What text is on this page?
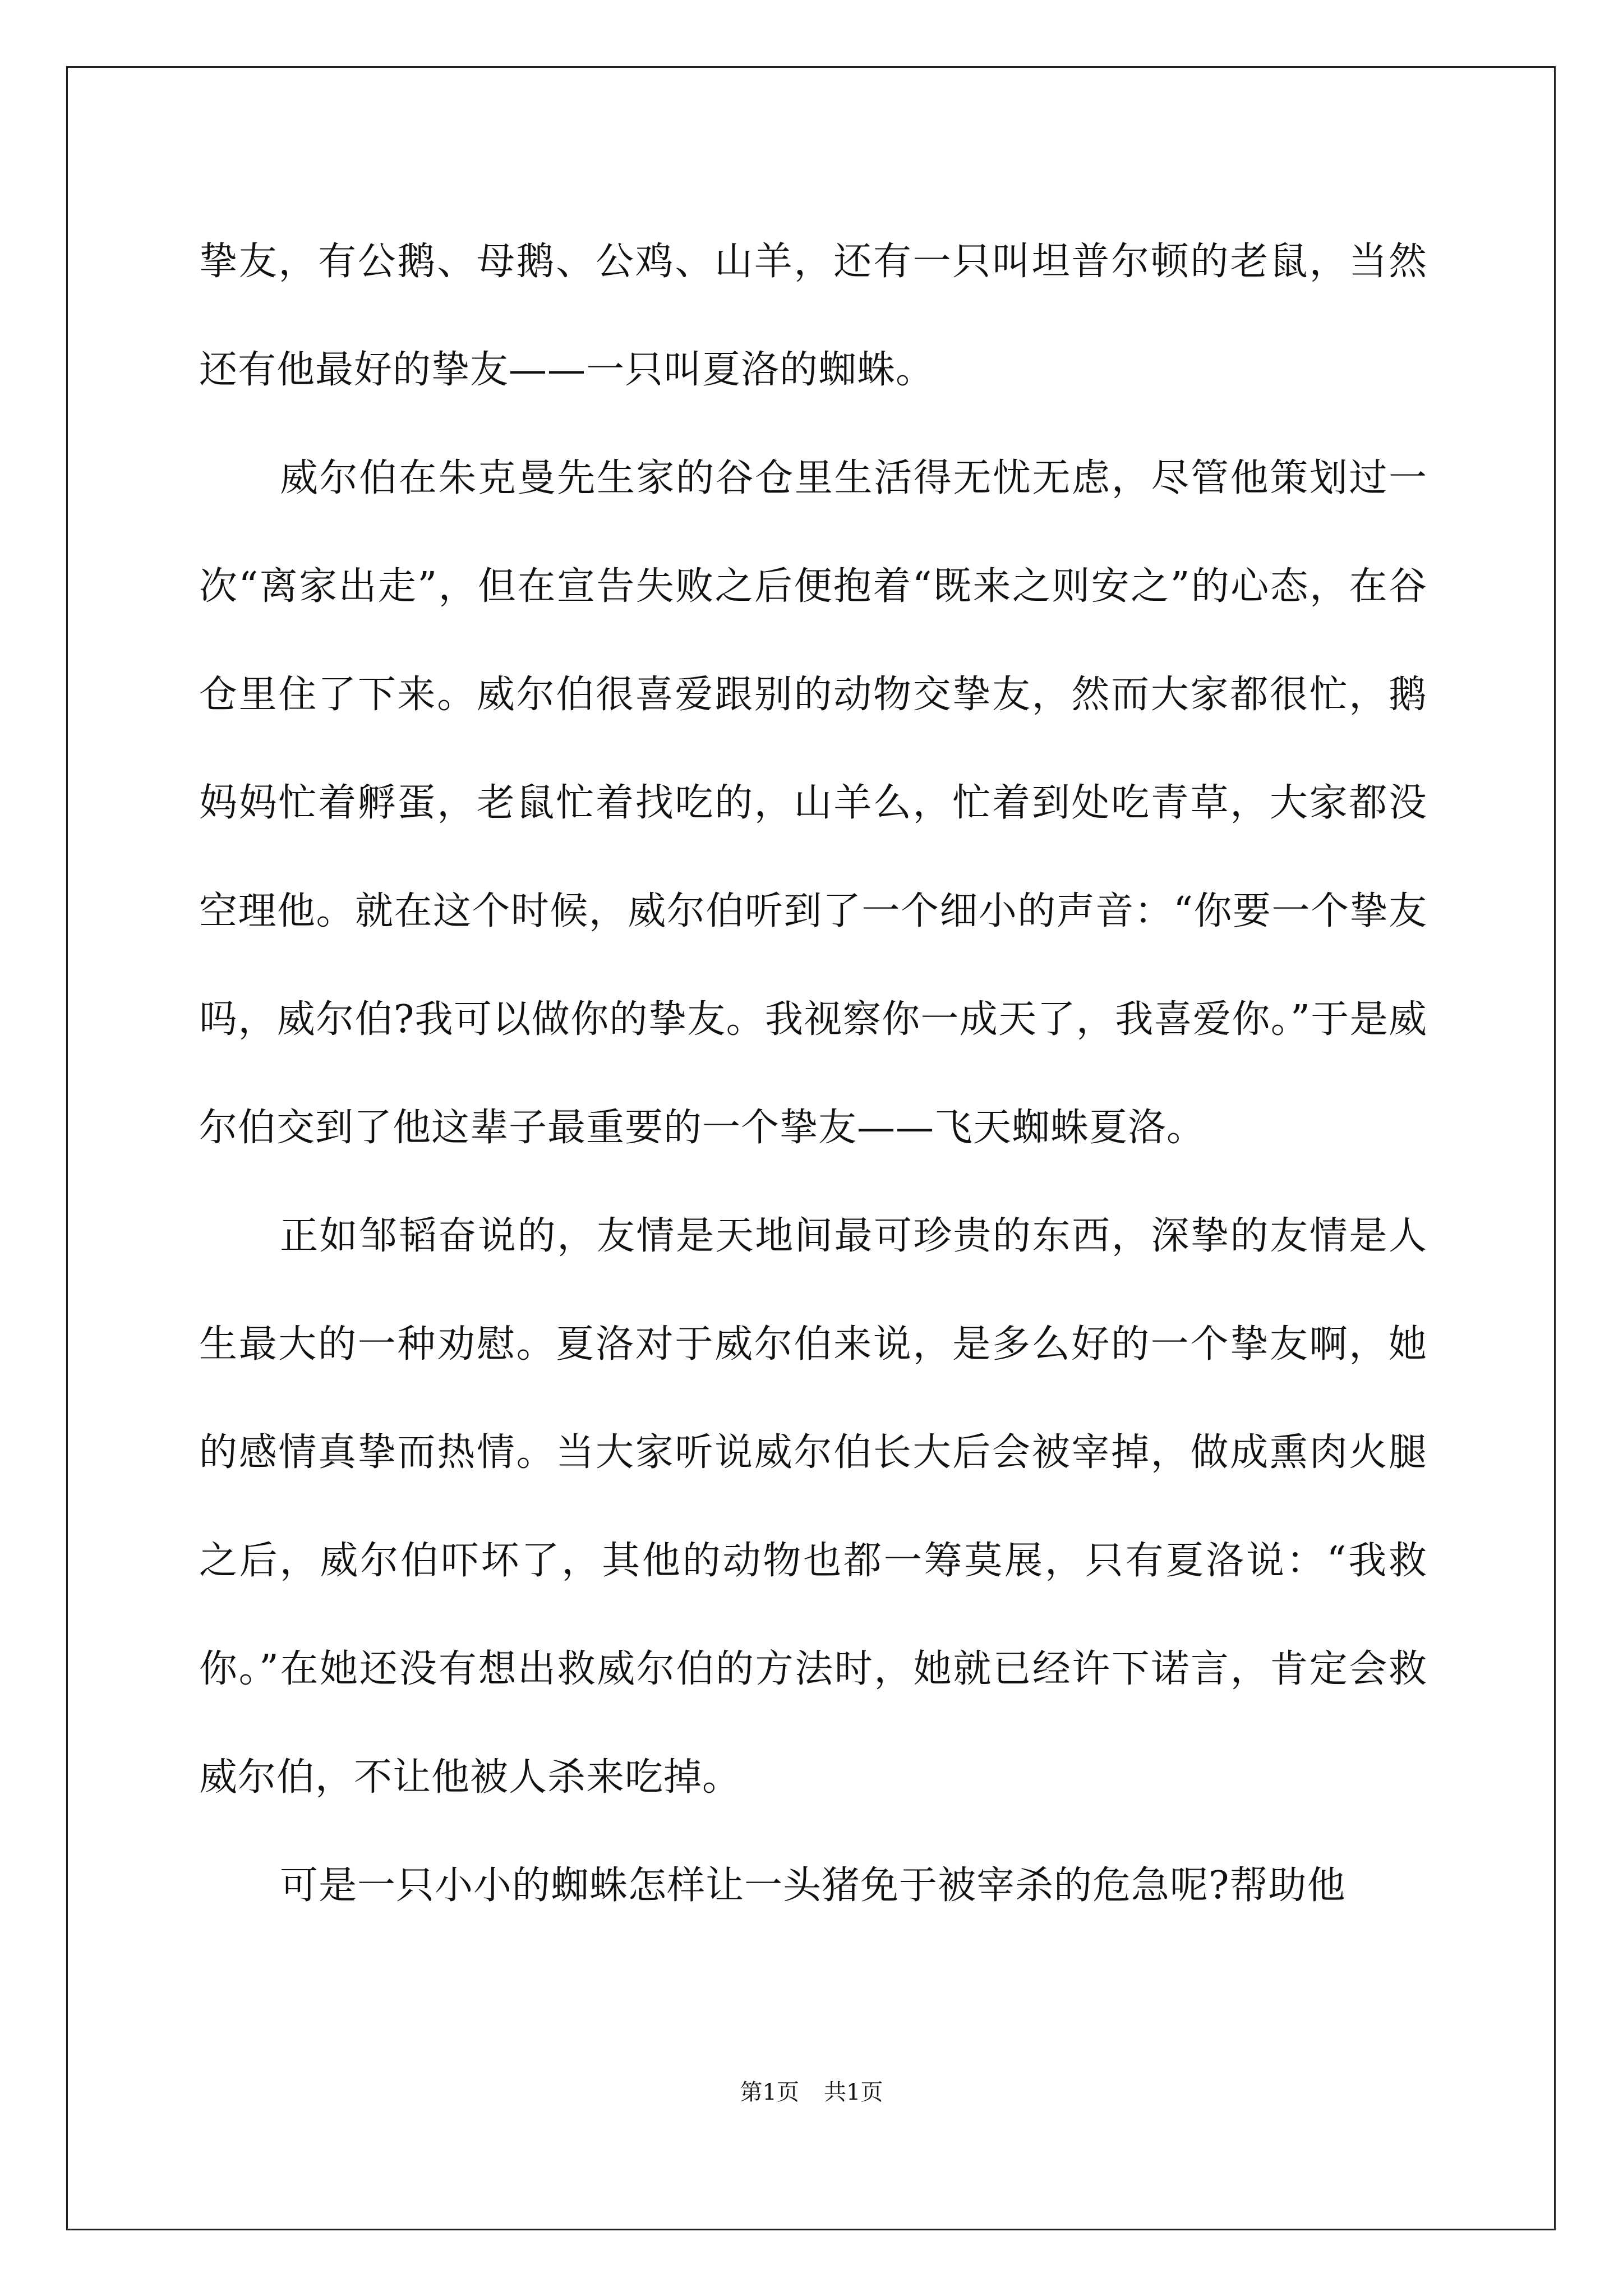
挚友，有公鹅、母鹅、公鸡、山羊，还有一只叫坦普尔顿的老鼠，当然还有他最好的挚友——一只叫夏洛的蜘蛛。

威尔伯在朱克曼先生家的谷仓里生活得无忧无虑，尽管他策划过一次“离家出走”，但在宣告失败之后便抱着“既来之则安之”的心态，在谷仓里住了下来。威尔伯很喜爱跟别的动物交挚友，然而大家都很忙，鹅妈妈忙着孵蛋，老鼠忙着找吃的，山羊么，忙着到处吃青草，大家都没空理他。就在这个时候，威尔伯听到了一个细小的声音：“你要一个挚友吗，威尔伯?我可以做你的挚友。我视察你一成天了，我喜爱你。”于是威尔伯交到了他这辈子最重要的一个挚友——飞天蜘蛛夏洛。

正如邹韬奋说的，友情是天地间最可珍贵的东西，深挚的友情是人生最大的一种劝慰。夏洛对于威尔伯来说，是多么好的一个挚友啊，她的感情真挚而热情。当大家听说威尔伯长大后会被宰掉，做成熏肉火腿之后，威尔伯吓坏了，其他的动物也都一筹莫展，只有夏洛说：“我救你。”在她还没有想出救威尔伯的方法时，她就已经许下诺言，肯定会救威尔伯，不让他被人杀来吃掉。

可是一只小小的蜘蛛怎样让一头猪免于被宰杀的危急呢?帮助他

第1页 共1页
